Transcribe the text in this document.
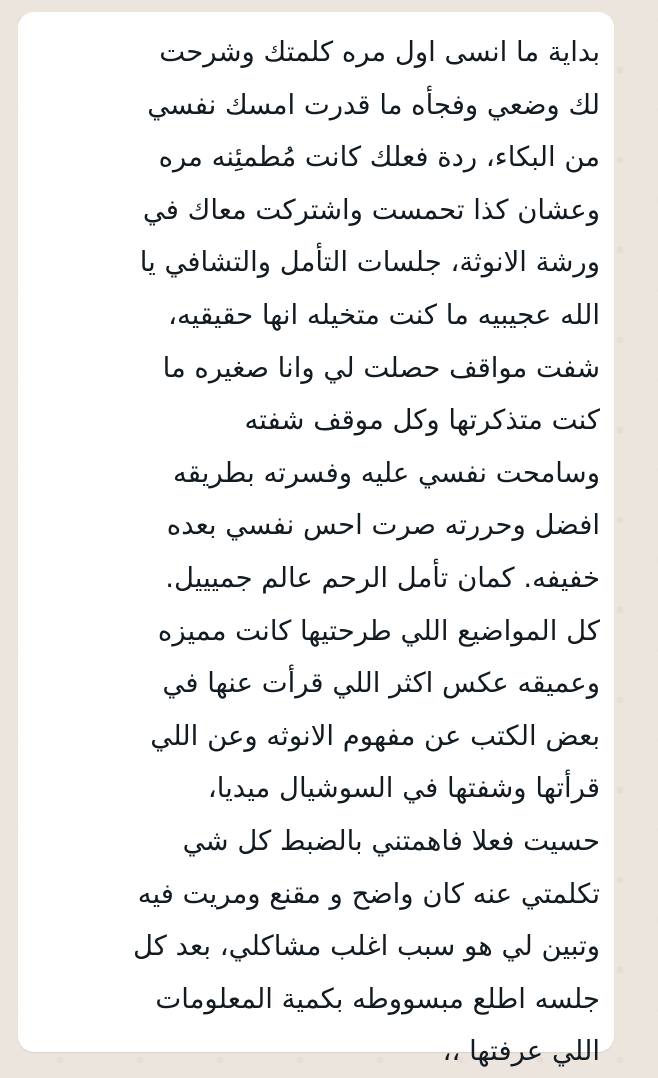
بداية ما انسى اول مره كلمتك وشرحت
لك وضعي وفجأه ما قدرت امسك نفسي
من البكاء، ردة فعلك كانت مُطمئِنه مره
وعشان كذا تحمست واشتركت معاك في
ورشة الانوثة، جلسات التأمل والتشافي يا
الله عجيبيه ما كنت متخيله انها حقيقيه،
شفت مواقف حصلت لي وانا صغيره ما
كنت متذكرتها وكل موقف شفته
وسامحت نفسي عليه وفسرته بطريقه
افضل وحررته صرت احس نفسي بعده
خفيفه. كمان تأمل الرحم عالم جميييل.
كل المواضيع اللي طرحتيها كانت مميزه
وعميقه عكس اكثر اللي قرأت عنها في
بعض الكتب عن مفهوم الانوثه وعن اللي
قرأتها وشفتها في السوشيال ميديا،
حسيت فعلا فاهمتني بالضبط كل شي
تكلمتي عنه كان واضح و مقنع ومريت فيه
وتبين لي هو سبب اغلب مشاكلي، بعد كل
جلسه اطلع مبسووطه بكمية المعلومات
اللي عرفتها ،،
